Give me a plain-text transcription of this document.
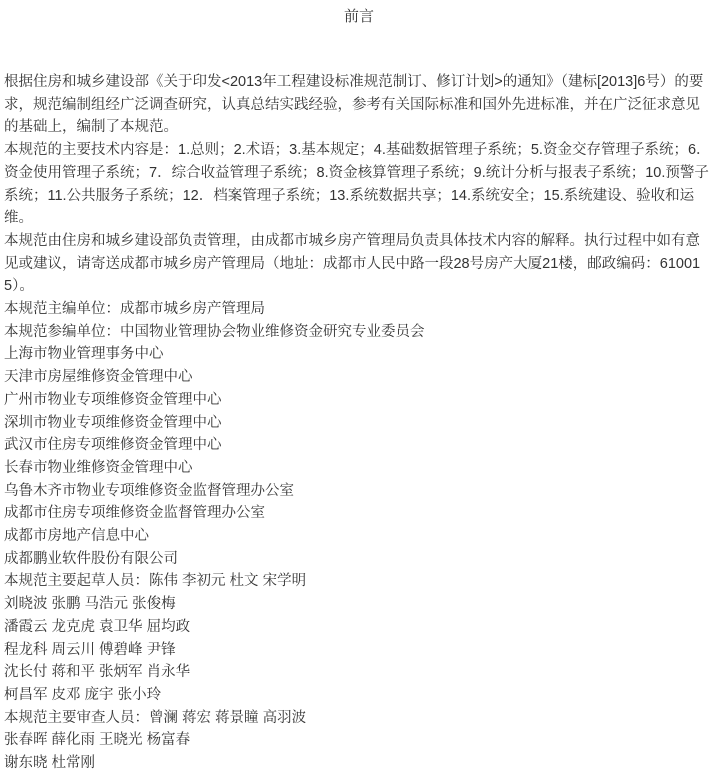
前言

根据住房和城乡建设部《关于印发<2013年工程建设标准规范制订、修订计划>的通知》（建标[2013]6号）的要求，规范编制组经广泛调查研究，认真总结实践经验，参考有关国际标准和国外先进标准，并在广泛征求意见的基础上，编制了本规范。

本规范的主要技术内容是：1.总则；2.术语；3.基本规定；4.基础数据管理子系统；5.资金交存管理子系统；6．资金使用管理子系统；7．综合收益管理子系统；8.资金核算管理子系统；9.统计分析与报表子系统；10.预警子系统；11.公共服务子系统；12．档案管理子系统；13.系统数据共享；14.系统安全；15.系统建设、验收和运维。

本规范由住房和城乡建设部负责管理，由成都市城乡房产管理局负责具体技术内容的解释。执行过程中如有意见或建议，请寄送成都市城乡房产管理局（地址：成都市人民中路一段28号房产大厦21楼，邮政编码：610015）。

本规范主编单位：成都市城乡房产管理局

本规范参编单位：中国物业管理协会物业维修资金研究专业委员会

上海市物业管理事务中心

天津市房屋维修资金管理中心

广州市物业专项维修资金管理中心

深圳市物业专项维修资金管理中心

武汉市住房专项维修资金管理中心

长春市物业维修资金管理中心

乌鲁木齐市物业专项维修资金监督管理办公室

成都市住房专项维修资金监督管理办公室

成都市房地产信息中心

成都鹏业软件股份有限公司

本规范主要起草人员：陈伟 李初元 杜文 宋学明

刘晓波 张鹏 马浩元 张俊梅

潘霞云 龙克虎 袁卫华 屈均政

程龙科 周云川 傅碧峰 尹锋

沈长付 蒋和平 张炳军 肖永华

柯昌军 皮邓 庞宇 张小玲

本规范主要审查人员：曾澜 蒋宏 蒋景瞳 高羽波

张春晖 薛化雨 王晓光 杨富春

谢东晓 杜常刚
